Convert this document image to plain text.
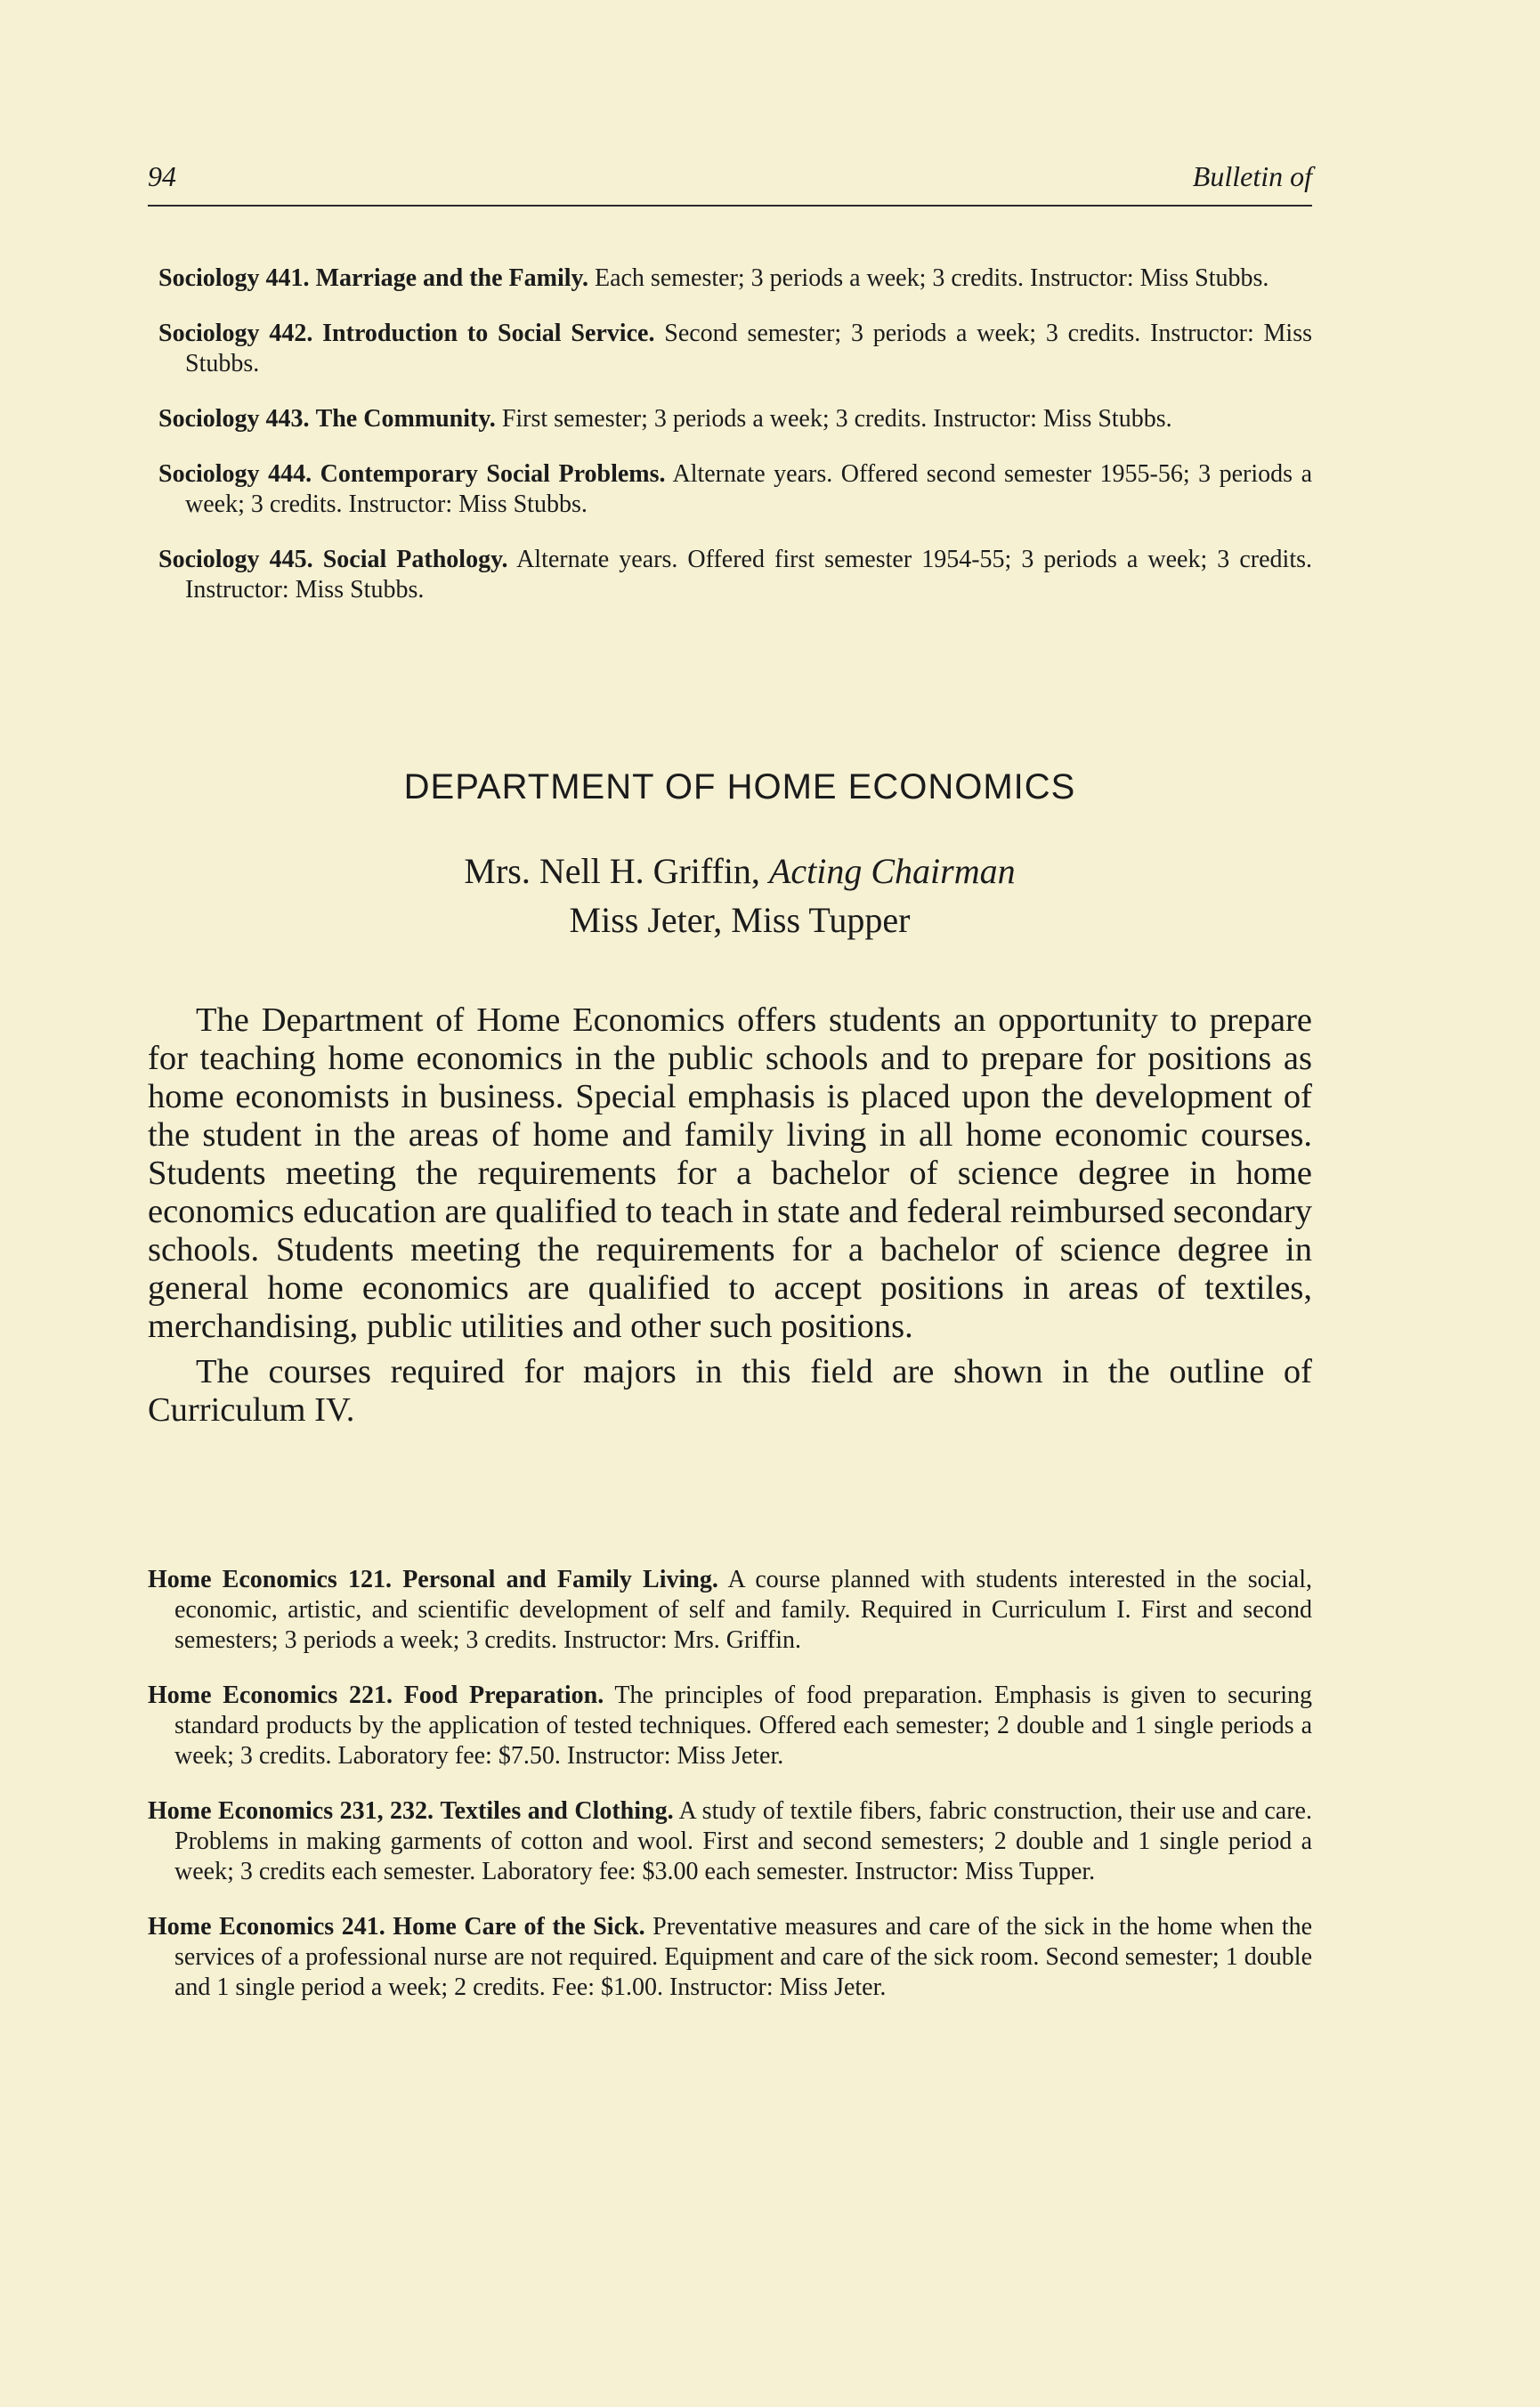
94	Bulletin of

Sociology 441. Marriage and the Family. Each semester; 3 periods a week; 3 credits. Instructor: Miss Stubbs.

Sociology 442. Introduction to Social Service. Second semester; 3 periods a week; 3 credits. Instructor: Miss Stubbs.

Sociology 443. The Community. First semester; 3 periods a week; 3 credits. Instructor: Miss Stubbs.

Sociology 444. Contemporary Social Problems. Alternate years. Offered second semester 1955-56; 3 periods a week; 3 credits. Instructor: Miss Stubbs.

Sociology 445. Social Pathology. Alternate years. Offered first semester 1954-55; 3 periods a week; 3 credits. Instructor: Miss Stubbs.

DEPARTMENT OF HOME ECONOMICS
Mrs. Nell H. Griffin, Acting Chairman
Miss Jeter, Miss Tupper

The Department of Home Economics offers students an opportunity to prepare for teaching home economics in the public schools and to prepare for positions as home economists in business. Special emphasis is placed upon the development of the student in the areas of home and family living in all home economic courses. Students meeting the requirements for a bachelor of science degree in home economics education are qualified to teach in state and federal reimbursed secondary schools. Students meeting the requirements for a bachelor of science degree in general home economics are qualified to accept positions in areas of textiles, merchandising, public utilities and other such positions.

The courses required for majors in this field are shown in the outline of Curriculum IV.

Home Economics 121. Personal and Family Living. A course planned with students interested in the social, economic, artistic, and scientific development of self and family. Required in Curriculum I. First and second semesters; 3 periods a week; 3 credits. Instructor: Mrs. Griffin.

Home Economics 221. Food Preparation. The principles of food preparation. Emphasis is given to securing standard products by the application of tested techniques. Offered each semester; 2 double and 1 single periods a week; 3 credits. Laboratory fee: $7.50. Instructor: Miss Jeter.

Home Economics 231, 232. Textiles and Clothing. A study of textile fibers, fabric construction, their use and care. Problems in making garments of cotton and wool. First and second semesters; 2 double and 1 single period a week; 3 credits each semester. Laboratory fee: $3.00 each semester. Instructor: Miss Tupper.

Home Economics 241. Home Care of the Sick. Preventative measures and care of the sick in the home when the services of a professional nurse are not required. Equipment and care of the sick room. Second semester; 1 double and 1 single period a week; 2 credits. Fee: $1.00. Instructor: Miss Jeter.
